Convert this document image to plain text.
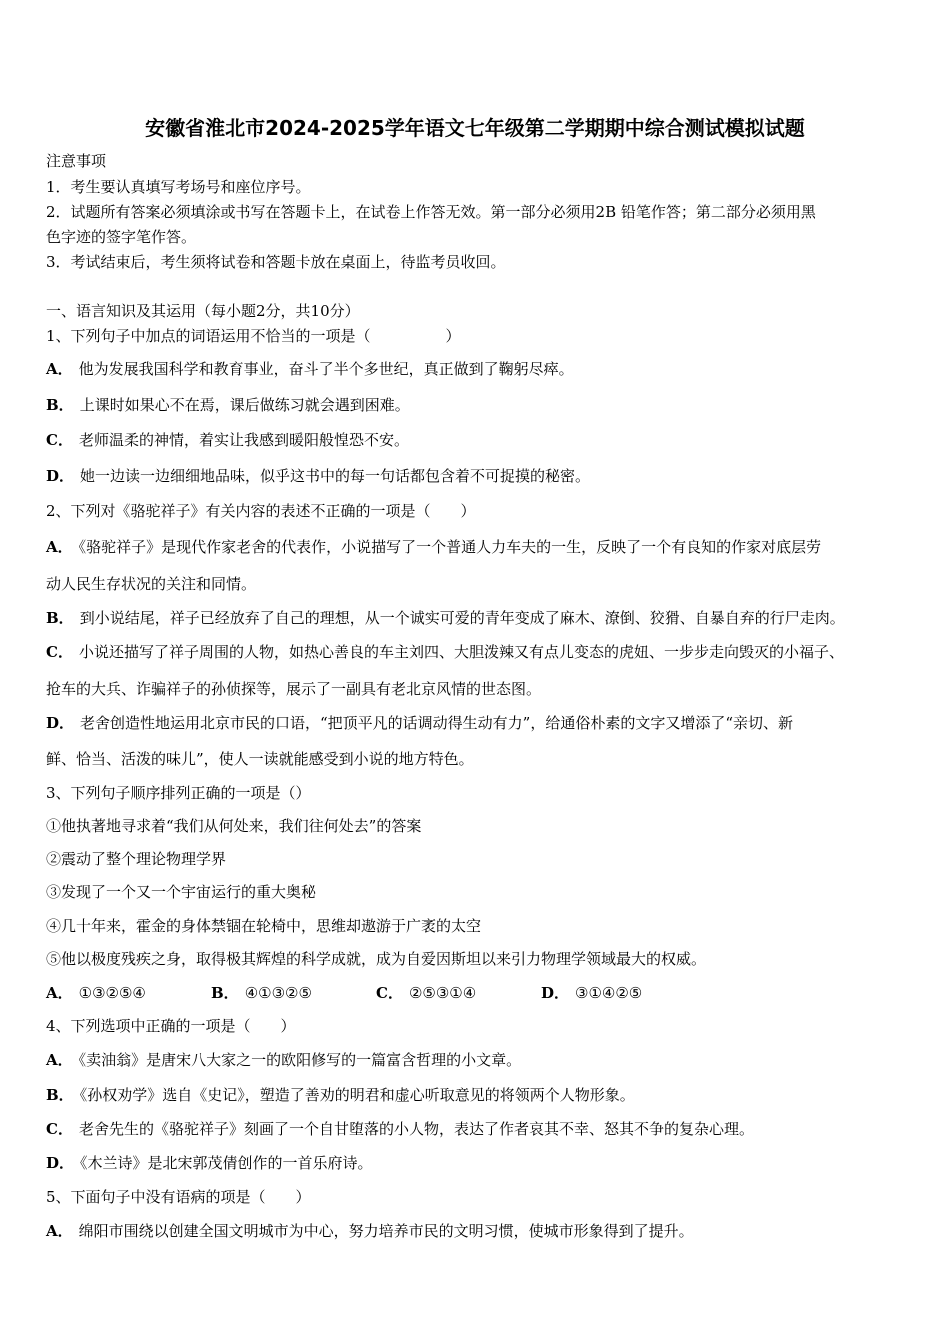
安徽省淮北市2024-2025学年语文七年级第二学期期中综合测试模拟试题
注意事项
1．考生要认真填写考场号和座位序号。
2．试题所有答案必须填涂或书写在答题卡上，在试卷上作答无效。第一部分必须用2B 铅笔作答；第二部分必须用黑
色字迹的签字笔作答。
3．考试结束后，考生须将试卷和答题卡放在桌面上，待监考员收回。
一、语言知识及其运用（每小题2分，共10分）
1、下列句子中加点的词语运用不恰当的一项是（　　　　　）
A． 他为发展我国科学和教育事业，奋斗了半个多世纪，真正做到了鞠躬尽瘁。
B． 上课时如果心不在焉，课后做练习就会遇到困难。
C． 老师温柔的神情，着实让我感到暖阳般惶恐不安。
D． 她一边读一边细细地品味，似乎这书中的每一句话都包含着不可捉摸的秘密。
2、下列对《骆驼祥子》有关内容的表述不正确的一项是（　　）
A． 《骆驼祥子》是现代作家老舍的代表作，小说描写了一个普通人力车夫的一生，反映了一个有良知的作家对底层劳
动人民生存状况的关注和同情。
B． 到小说结尾，祥子已经放弃了自己的理想，从一个诚实可爱的青年变成了麻木、潦倒、狡猾、自暴自弃的行尸走肉。
C． 小说还描写了祥子周围的人物，如热心善良的车主刘四、大胆泼辣又有点儿变态的虎妞、一步步走向毁灭的小福子、
抢车的大兵、诈骗祥子的孙侦探等，展示了一副具有老北京风情的世态图。
D． 老舍创造性地运用北京市民的口语，“把顶平凡的话调动得生动有力”，给通俗朴素的文字又增添了“亲切、新
鲜、恰当、活泼的味儿”，使人一读就能感受到小说的地方特色。
3、下列句子顺序排列正确的一项是（）
①他执著地寻求着“我们从何处来，我们往何处去”的答案
②震动了整个理论物理学界
③发现了一个又一个宇宙运行的重大奥秘
④几十年来，霍金的身体禁锢在轮椅中，思维却遨游于广袤的太空
⑤他以极度残疾之身，取得极其辉煌的科学成就，成为自爱因斯坦以来引力物理学领域最大的权威。
A． ①③②⑤④	B． ④①③②⑤	C． ②⑤③①④	D． ③①④②⑤
4、下列选项中正确的一项是（　　）
A． 《卖油翁》是唐宋八大家之一的欧阳修写的一篇富含哲理的小文章。
B． 《孙权劝学》选自《史记》，塑造了善劝的明君和虚心听取意见的将领两个人物形象。
C． 老舍先生的《骆驼祥子》刻画了一个自甘堕落的小人物，表达了作者哀其不幸、怒其不争的复杂心理。
D． 《木兰诗》是北宋郭茂倩创作的一首乐府诗。
5、下面句子中没有语病的项是（　　）
A． 绵阳市围绕以创建全国文明城市为中心，努力培养市民的文明习惯，使城市形象得到了提升。
